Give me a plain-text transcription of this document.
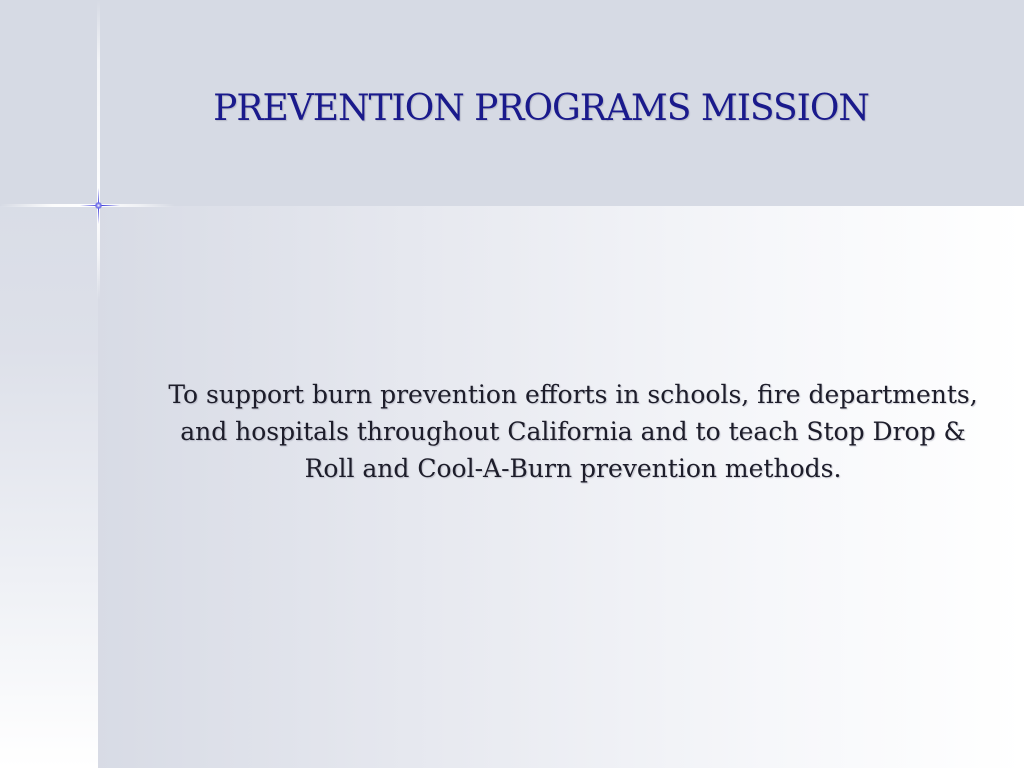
PREVENTION PROGRAMS MISSION

To support burn prevention efforts in schools, fire departments, and hospitals throughout California and to teach Stop Drop & Roll and Cool-A-Burn prevention methods.
